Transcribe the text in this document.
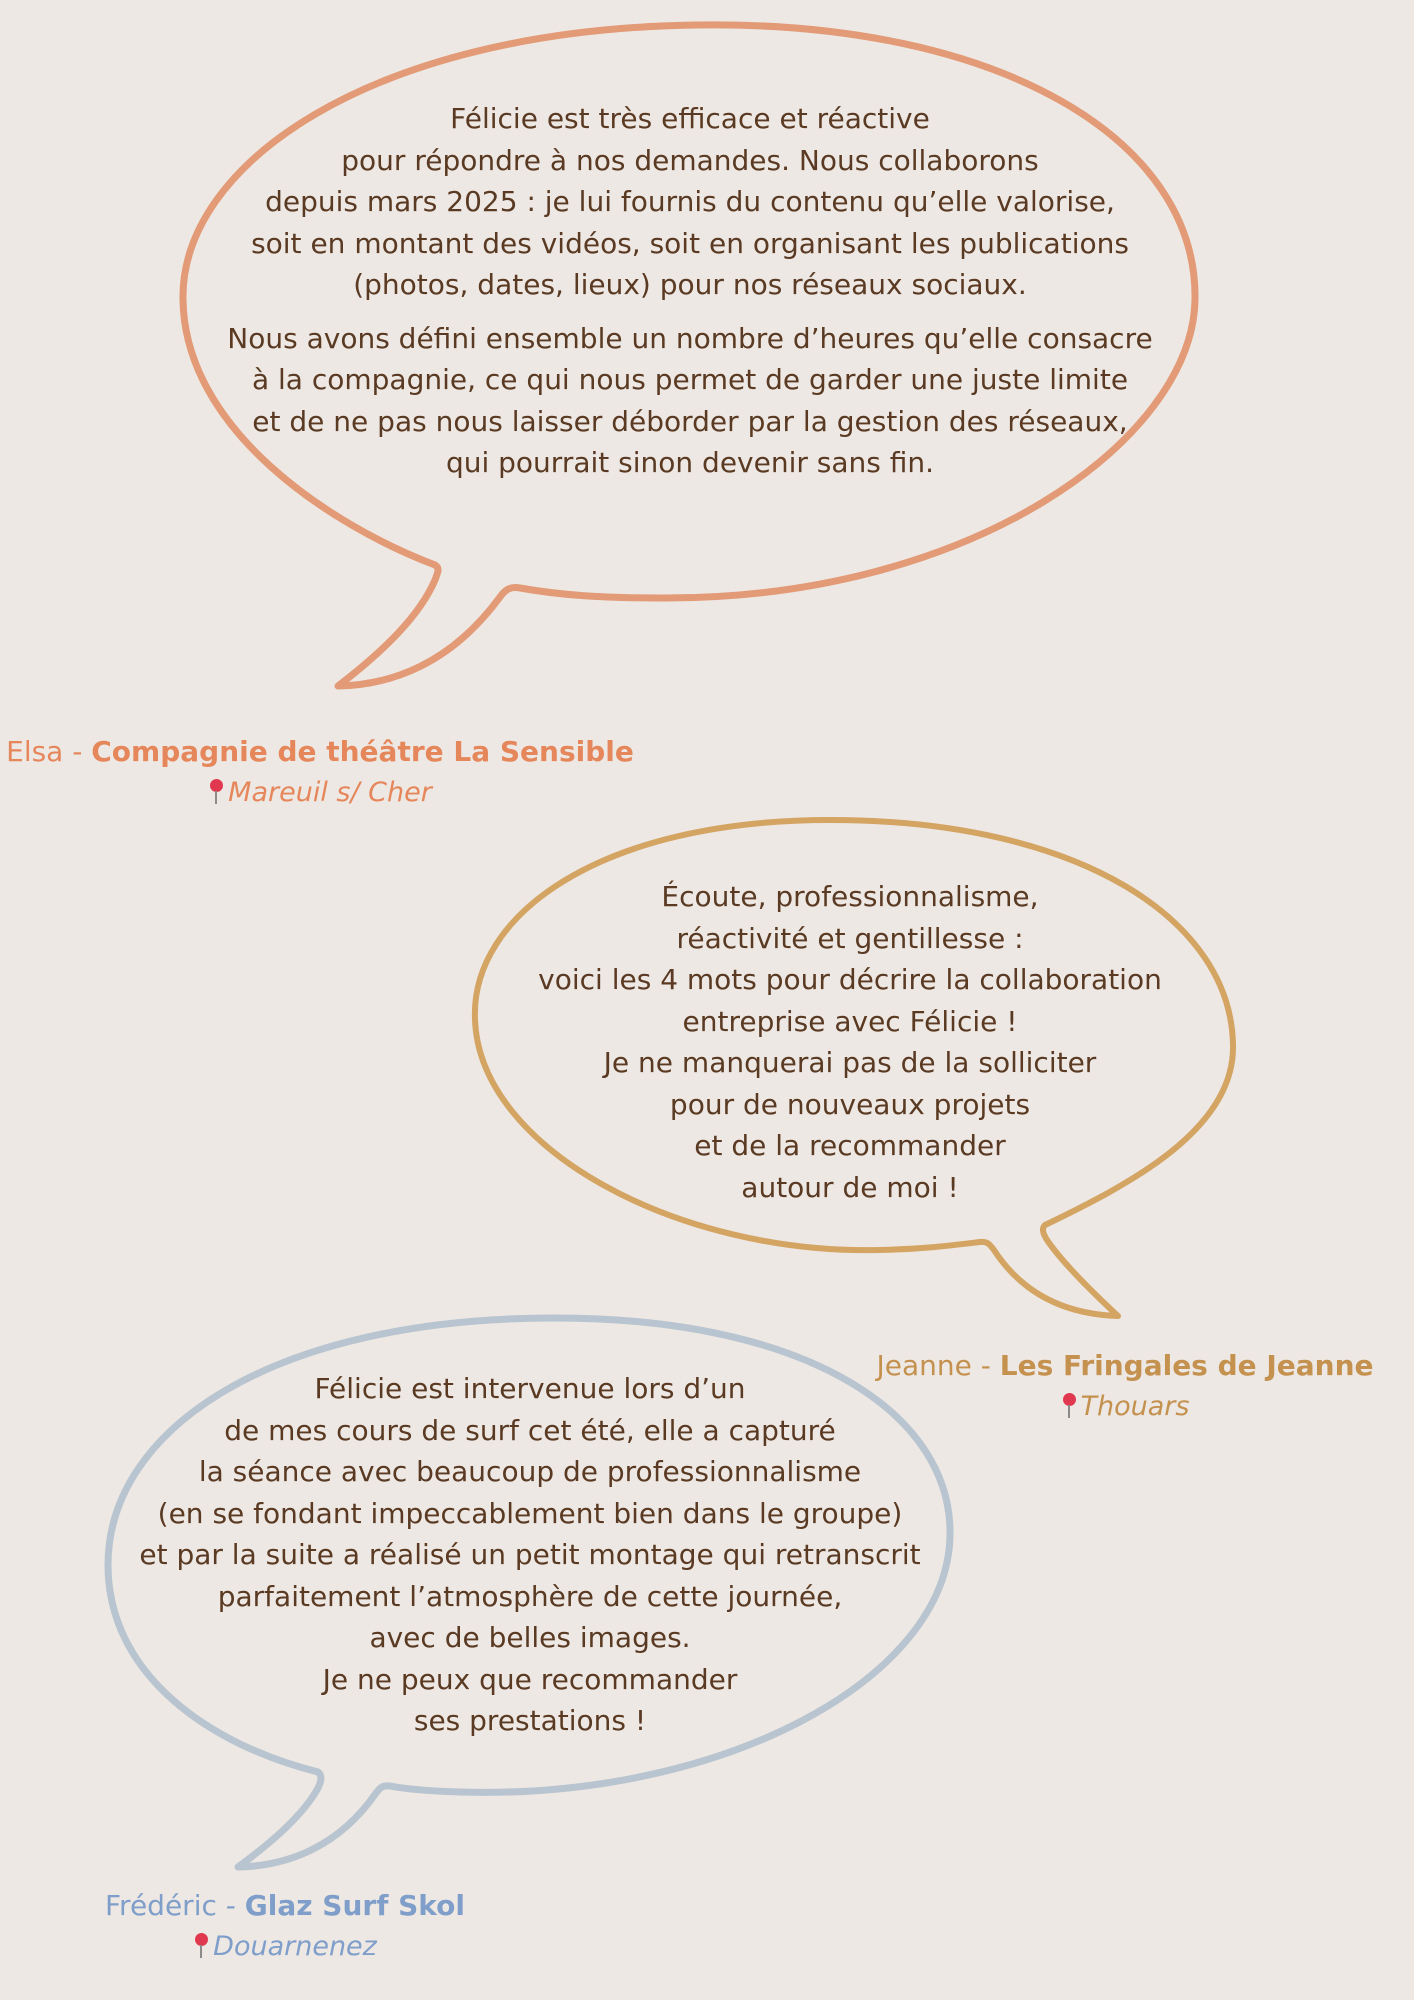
Félicie est très efficace et réactive
pour répondre à nos demandes. Nous collaborons
depuis mars 2025 : je lui fournis du contenu qu’elle valorise,
soit en montant des vidéos, soit en organisant les publications
(photos, dates, lieux) pour nos réseaux sociaux.

Nous avons défini ensemble un nombre d’heures qu’elle consacre
à la compagnie, ce qui nous permet de garder une juste limite
et de ne pas nous laisser déborder par la gestion des réseaux,
qui pourrait sinon devenir sans fin.

Elsa - Compagnie de théâtre La Sensible
Mareuil s/ Cher

Écoute, professionnalisme,
réactivité et gentillesse :
voici les 4 mots pour décrire la collaboration
entreprise avec Félicie !
Je ne manquerai pas de la solliciter
pour de nouveaux projets
et de la recommander
autour de moi !

Jeanne - Les Fringales de Jeanne
Thouars

Félicie est intervenue lors d’un
de mes cours de surf cet été, elle a capturé
la séance avec beaucoup de professionnalisme
(en se fondant impeccablement bien dans le groupe)
et par la suite a réalisé un petit montage qui retranscrit
parfaitement l’atmosphère de cette journée,
avec de belles images.
Je ne peux que recommander
ses prestations !

Frédéric - Glaz Surf Skol
Douarnenez
